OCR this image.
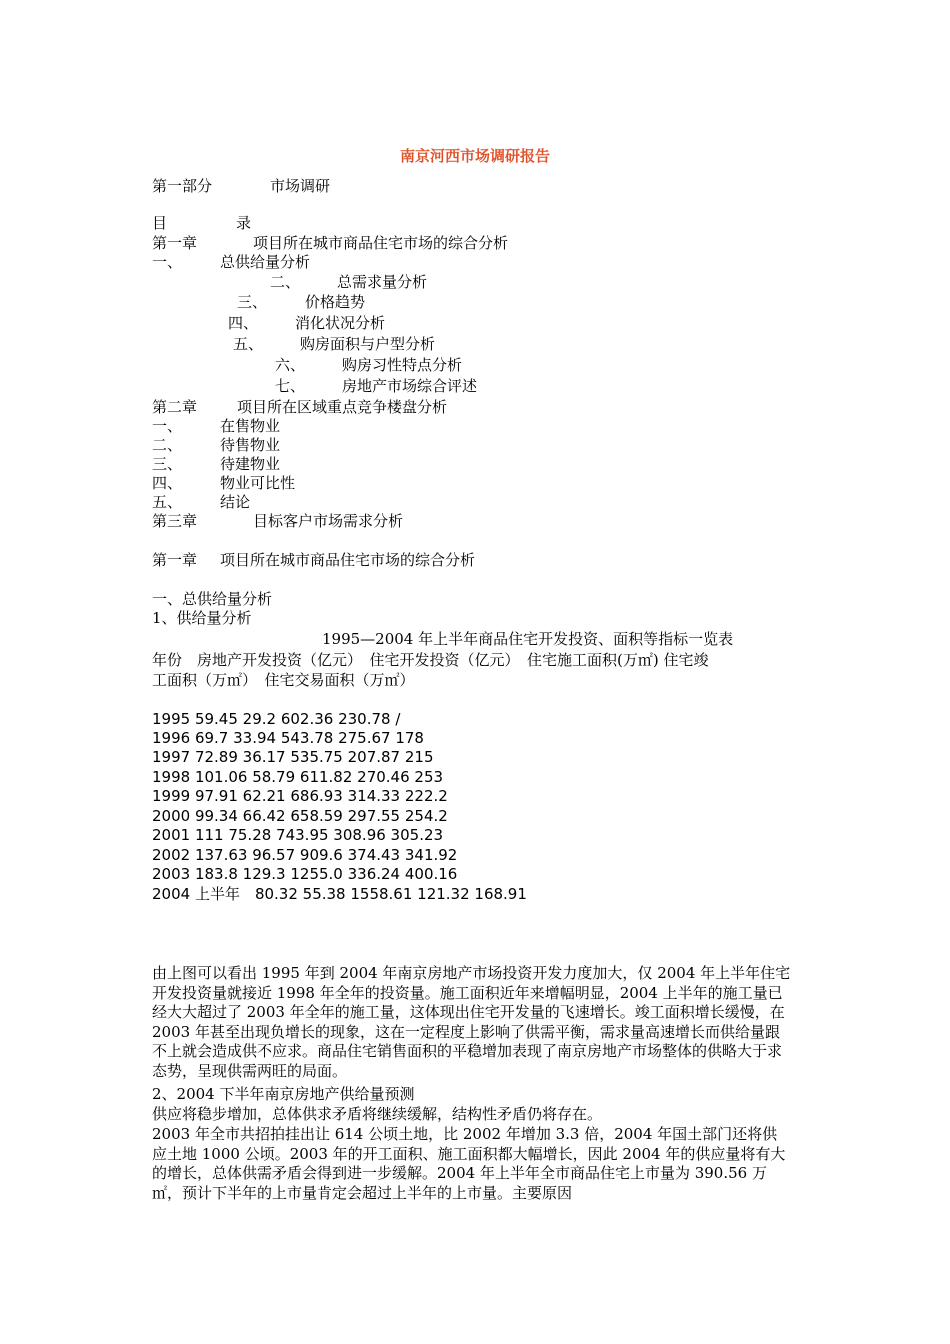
南京河西市场调研报告
第一部分	市场调研
目	录
第一章	项目所在城市商品住宅市场的综合分析
一、	总供给量分析
二、 总需求量分析
三、	价格趋势
四、 消化状况分析
五、 购房面积与户型分析
六、 购房习性特点分析
七、 房地产市场综合评述
第二章	项目所在区域重点竞争楼盘分析
一、	在售物业
二、	待售物业
三、	待建物业
四、	物业可比性
五、	结论
第三章	目标客户市场需求分析
第一章 项目所在城市商品住宅市场的综合分析
一、总供给量分析
1、供给量分析
1995—2004 年上半年商品住宅开发投资、面积等指标一览表
年份　房地产开发投资（亿元）　住宅开发投资（亿元）　住宅施工面积(万㎡) 住宅竣
工面积（万㎡）　住宅交易面积（万㎡）
1995 59.45 29.2 602.36 230.78 /
1996 69.7 33.94 543.78 275.67 178
1997 72.89 36.17 535.75 207.87 215
1998 101.06 58.79 611.82 270.46 253
1999 97.91 62.21 686.93 314.33 222.2
2000 99.34 66.42 658.59 297.55 254.2
2001 111 75.28 743.95 308.96 305.23
2002 137.63 96.57 909.6 374.43 341.92
2003 183.8 129.3 1255.0 336.24 400.16
2004 上半年　80.32 55.38 1558.61 121.32 168.91

由上图可以看出 1995 年到 2004 年南京房地产市场投资开发力度加大，仅 2004 年上半年住宅开发投资量就接近 1998 年全年的投资量。施工面积近年来增幅明显，2004 上半年的施工量已经大大超过了 2003 年全年的施工量，这体现出住宅开发量的飞速增长。竣工面积增长缓慢，在 2003 年甚至出现负增长的现象，这在一定程度上影响了供需平衡，需求量高速增长而供给量跟不上就会造成供不应求。商品住宅销售面积的平稳增加表现了南京房地产市场整体的供略大于求态势，呈现供需两旺的局面。

2、2004 下半年南京房地产供给量预测
供应将稳步增加，总体供求矛盾将继续缓解，结构性矛盾仍将存在。

2003 年全市共招拍挂出让 614 公顷土地，比 2002 年增加 3.3 倍，2004 年国土部门还将供应土地 1000 公顷。2003 年的开工面积、施工面积都大幅增长，因此 2004 年的供应量将有大的增长，总体供需矛盾会得到进一步缓解。2004 年上半年全市商品住宅上市量为 390.56 万㎡，预计下半年的上市量肯定会超过上半年的上市量。主要原因
